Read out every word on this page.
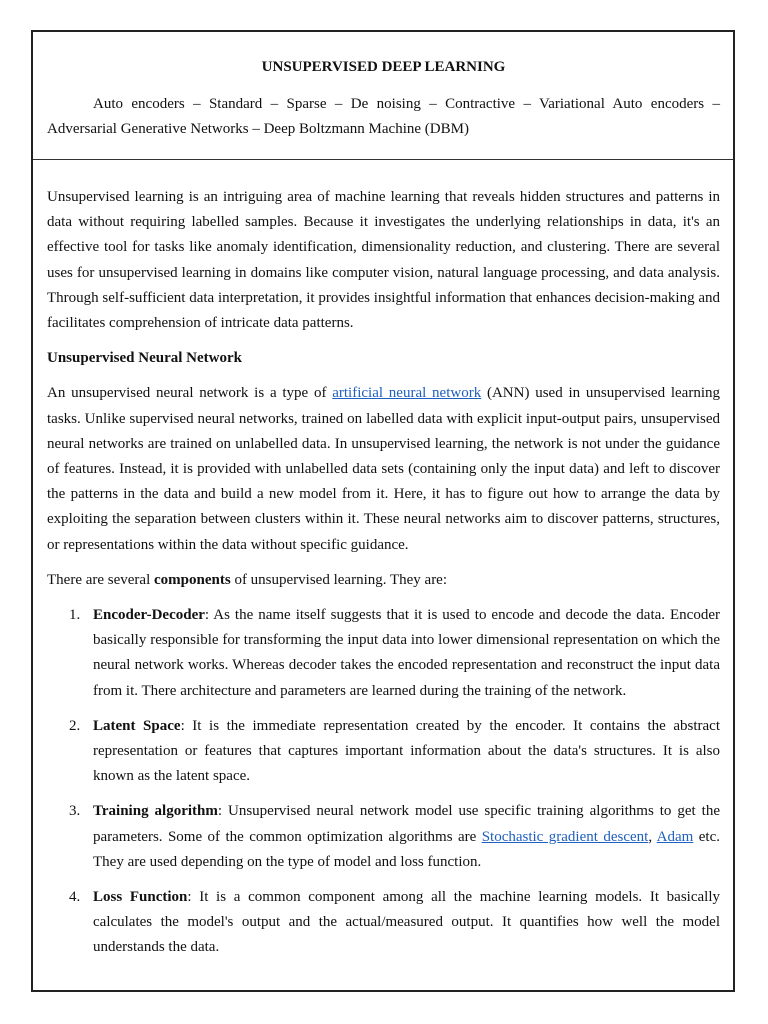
UNSUPERVISED DEEP LEARNING

Auto encoders – Standard – Sparse – De noising – Contractive – Variational Auto encoders – Adversarial Generative Networks – Deep Boltzmann Machine (DBM)

Unsupervised learning is an intriguing area of machine learning that reveals hidden structures and patterns in data without requiring labelled samples. Because it investigates the underlying relationships in data, it's an effective tool for tasks like anomaly identification, dimensionality reduction, and clustering. There are several uses for unsupervised learning in domains like computer vision, natural language processing, and data analysis. Through self-sufficient data interpretation, it provides insightful information that enhances decision-making and facilitates comprehension of intricate data patterns.

Unsupervised Neural Network

An unsupervised neural network is a type of artificial neural network (ANN) used in unsupervised learning tasks. Unlike supervised neural networks, trained on labelled data with explicit input-output pairs, unsupervised neural networks are trained on unlabelled data. In unsupervised learning, the network is not under the guidance of features. Instead, it is provided with unlabelled data sets (containing only the input data) and left to discover the patterns in the data and build a new model from it. Here, it has to figure out how to arrange the data by exploiting the separation between clusters within it. These neural networks aim to discover patterns, structures, or representations within the data without specific guidance.

There are several components of unsupervised learning. They are:

1. Encoder-Decoder: As the name itself suggests that it is used to encode and decode the data. Encoder basically responsible for transforming the input data into lower dimensional representation on which the neural network works. Whereas decoder takes the encoded representation and reconstruct the input data from it. There architecture and parameters are learned during the training of the network.
2. Latent Space: It is the immediate representation created by the encoder. It contains the abstract representation or features that captures important information about the data's structures. It is also known as the latent space.
3. Training algorithm: Unsupervised neural network model use specific training algorithms to get the parameters. Some of the common optimization algorithms are Stochastic gradient descent, Adam etc. They are used depending on the type of model and loss function.
4. Loss Function: It is a common component among all the machine learning models. It basically calculates the model's output and the actual/measured output. It quantifies how well the model understands the data.
